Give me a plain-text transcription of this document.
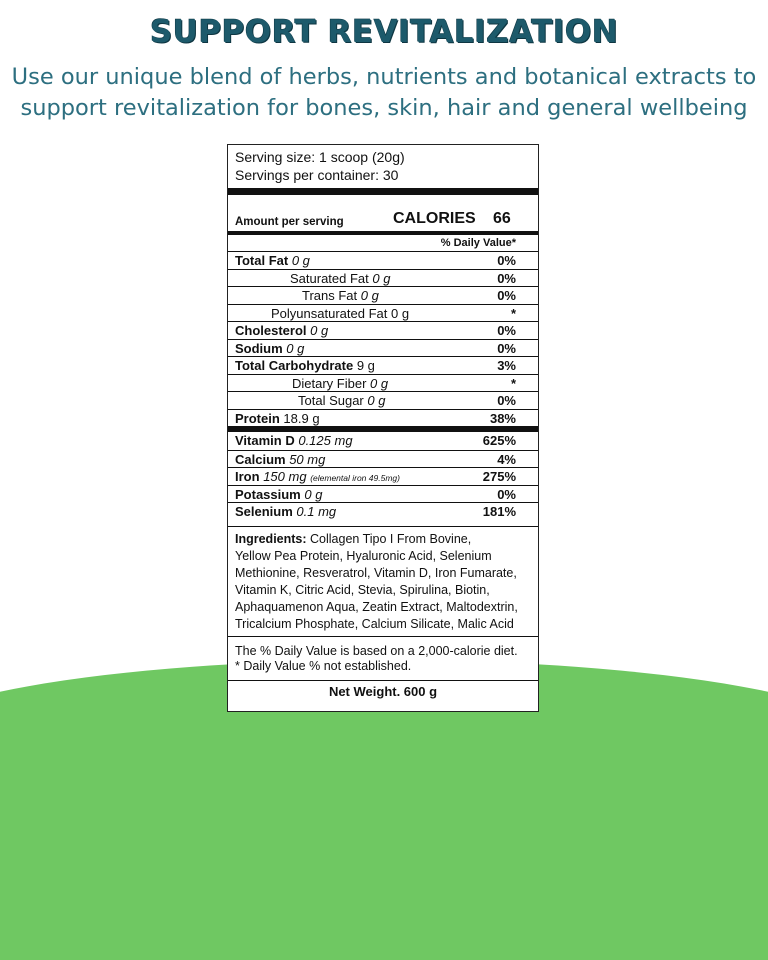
SUPPORT REVITALIZATION
Use our unique blend of herbs, nutrients and botanical extracts to
support revitalization for bones, skin, hair and general wellbeing
Serving size: 1 scoop (20g)
Servings per container: 30
Amount per serving	CALORIES 66
% Daily Value*
Total Fat 0 g	0%
Saturated Fat 0 g	0%
Trans Fat 0 g	0%
Polyunsaturated Fat 0 g	*
Cholesterol 0 g	0%
Sodium 0 g	0%
Total Carbohydrate 9 g	3%
Dietary Fiber 0 g	*
Total Sugar 0 g	0%
Protein 18.9 g	38%
Vitamin D 0.125 mg	625%
Calcium 50 mg	4%
Iron 150 mg (elemental iron 49.5mg)	275%
Potassium 0 g	0%
Selenium 0.1 mg	181%
Ingredients: Collagen Tipo I From Bovine,
Yellow Pea Protein, Hyaluronic Acid, Selenium
Methionine, Resveratrol, Vitamin D, Iron Fumarate,
Vitamin K, Citric Acid, Stevia, Spirulina, Biotin,
Aphaquamenon Aqua, Zeatin Extract, Maltodextrin,
Tricalcium Phosphate, Calcium Silicate, Malic Acid
The % Daily Value is based on a 2,000-calorie diet.
* Daily Value % not established.
Net Weight. 600 g
